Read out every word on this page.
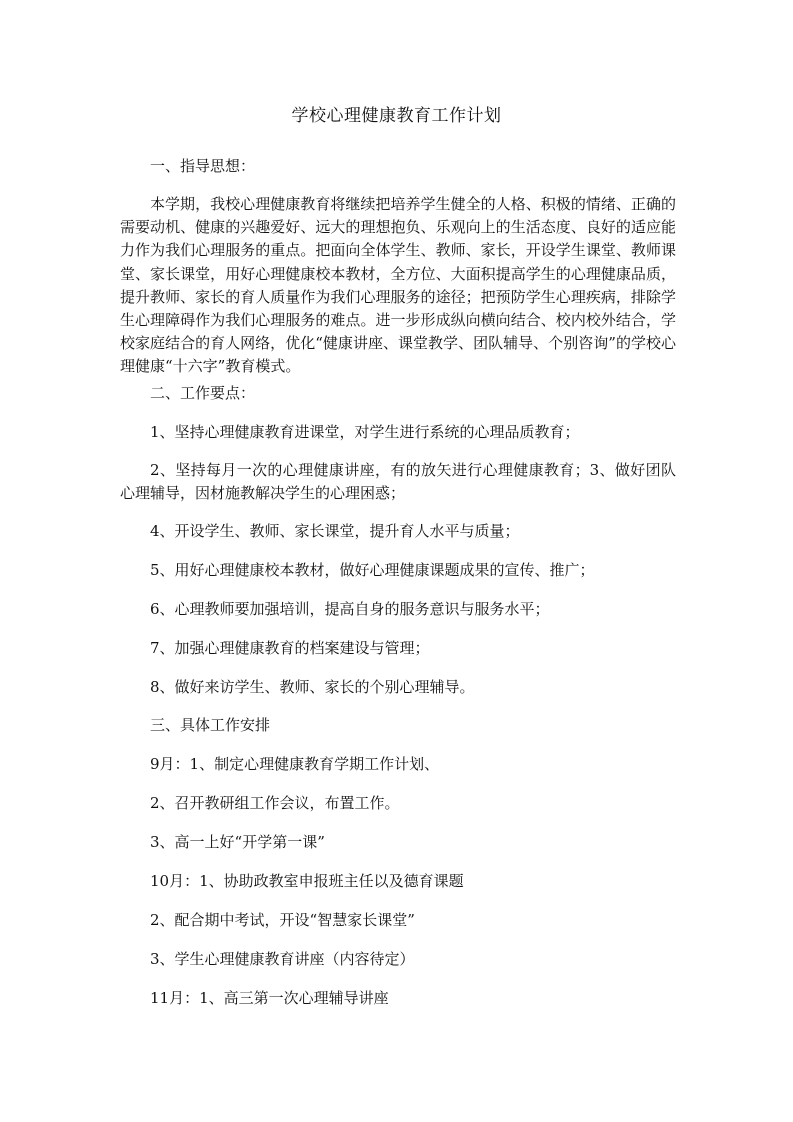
学校心理健康教育工作计划

一、指导思想：

本学期，我校心理健康教育将继续把培养学生健全的人格、积极的情绪、正确的需要动机、健康的兴趣爱好、远大的理想抱负、乐观向上的生活态度、良好的适应能力作为我们心理服务的重点。把面向全体学生、教师、家长，开设学生课堂、教师课堂、家长课堂，用好心理健康校本教材，全方位、大面积提高学生的心理健康品质，提升教师、家长的育人质量作为我们心理服务的途径；把预防学生心理疾病，排除学生心理障碍作为我们心理服务的难点。进一步形成纵向横向结合、校内校外结合，学校家庭结合的育人网络，优化“健康讲座、课堂教学、团队辅导、个别咨询”的学校心理健康“十六字”教育模式。

二、工作要点：

1、坚持心理健康教育进课堂，对学生进行系统的心理品质教育；

2、坚持每月一次的心理健康讲座，有的放矢进行心理健康教育；3、做好团队心理辅导，因材施教解决学生的心理困惑；

4、开设学生、教师、家长课堂，提升育人水平与质量；

5、用好心理健康校本教材，做好心理健康课题成果的宣传、推广；

6、心理教师要加强培训，提高自身的服务意识与服务水平；

7、加强心理健康教育的档案建设与管理；

8、做好来访学生、教师、家长的个别心理辅导。

三、具体工作安排

9月：1、制定心理健康教育学期工作计划、

2、召开教研组工作会议，布置工作。

3、高一上好“开学第一课”

10月：1、协助政教室申报班主任以及德育课题

2、配合期中考试，开设“智慧家长课堂”

3、学生心理健康教育讲座（内容待定）

11月：1、高三第一次心理辅导讲座
